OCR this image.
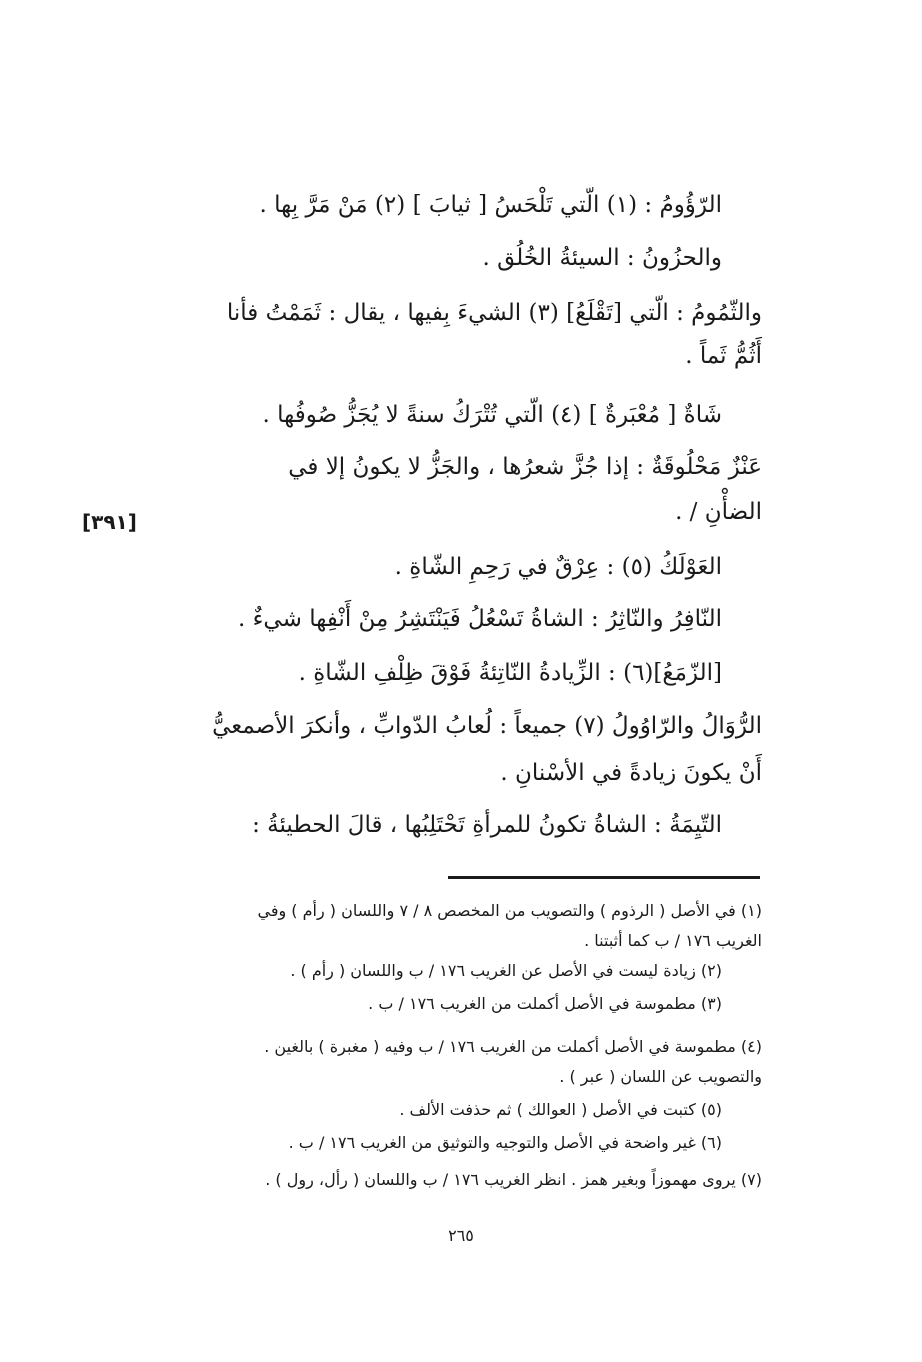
الرّؤُومُ : (١) الّتي تَلْحَسُ [ ثيابَ ] (٢) مَنْ مَرَّ بِها .
والحزُونُ : السيئةُ الخُلُق .
والثّمُومُ : الّتي [تَقْلَعُ] (٣) الشيءَ بِفيها ، يقال : ثَمَمْتُ فأنا
أَثُمُّ ثَماً .
شَاةٌ [ مُعْبَرةٌ ] (٤) الّتي تُتْرَكُ سنةً لا يُجَزُّ صُوفُها .
عَنْزٌ مَحْلُوقَةٌ : إذا جُزَّ شعرُها ، والجَزُّ لا يكونُ إلا في
الضأْنِ / .
العَوْلَكُ (٥) : عِرْقٌ في رَحِمِ الشّاةِ .
النّافِرُ والنّاثِرُ : الشاةُ تَسْعُلُ فَيَنْتَشِرُ مِنْ أَنْفِها شيءٌ .
[الزّمَعُ](٦) : الزِّيادةُ النّاتِئةُ فَوْقَ ظِلْفِ الشّاةِ .
الرُّوَالُ والرّاوُولُ (٧) جميعاً : لُعابُ الدّوابِّ ، وأنكرَ الأصمعيُّ
أَنْ يكونَ زيادةً في الأسْنانِ .
التّيِمَةُ : الشاةُ تكونُ للمرأةِ تَحْتَلِبُها ، قالَ الحطيئةُ :
[٣٩١]
(١) في الأصل ( الرذوم ) والتصويب من المخصص ٨ / ٧ واللسان ( رأم ) وفي
الغريب ١٧٦ / ب كما أثبتنا .
(٢) زيادة ليست في الأصل عن الغريب ١٧٦ / ب واللسان ( رأم ) .
(٣) مطموسة في الأصل أكملت من الغريب ١٧٦ / ب .
(٤) مطموسة في الأصل أكملت من الغريب ١٧٦ / ب وفيه ( مغبرة ) بالغين .
والتصويب عن اللسان ( عبر ) .
(٥) كتبت في الأصل ( العوالك ) ثم حذفت الألف .
(٦) غير واضحة في الأصل والتوجيه والتوثيق من الغريب ١٧٦ / ب .
(٧) يروى مهموزاً وبغير همز . انظر الغريب ١٧٦ / ب واللسان ( رأل، رول ) .
٢٦٥
